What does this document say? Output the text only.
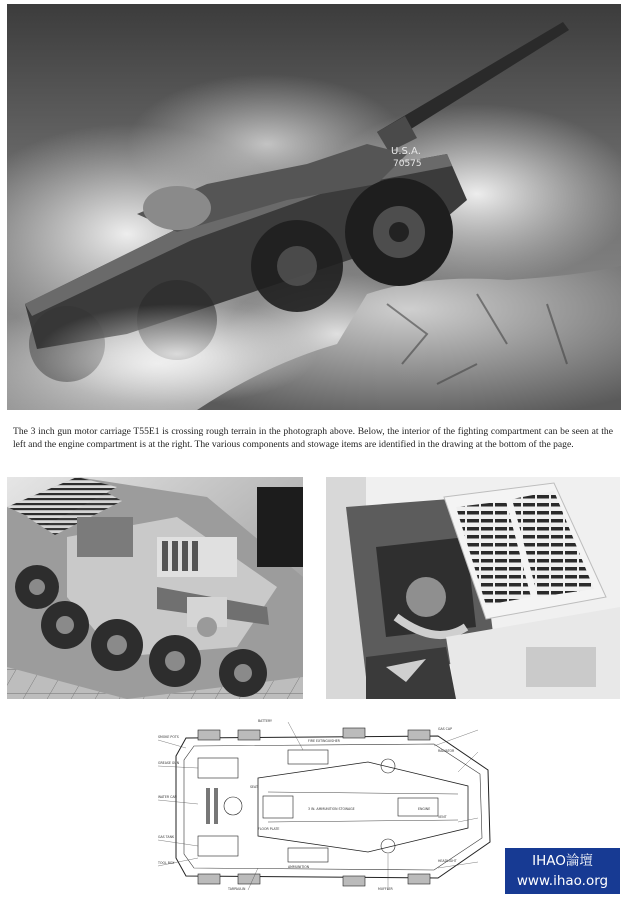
U.S.A.
70575

The 3 inch gun motor carriage T55E1 is crossing rough terrain in the photograph above. Below, the interior of the fighting compartment can be seen at the left and the engine compartment is at the right. The various components and stowage items are identified in the drawing at the bottom of the page.

BATTERY
SMOKE POTS
GREASE GUN
GAS CAP
FIRE EXTINGUISHER
RADIATOR
GAS TANK
3 IN. AMMUNITION STOWAGE
WATER CAN
TOOL BOX
TARPAULIN	MUFFLER
ENGINE
AMMUNITION
SEAT
FLOOR PLATE
VENT
HEADLIGHT	IHAO論壇
www.ihao.org
